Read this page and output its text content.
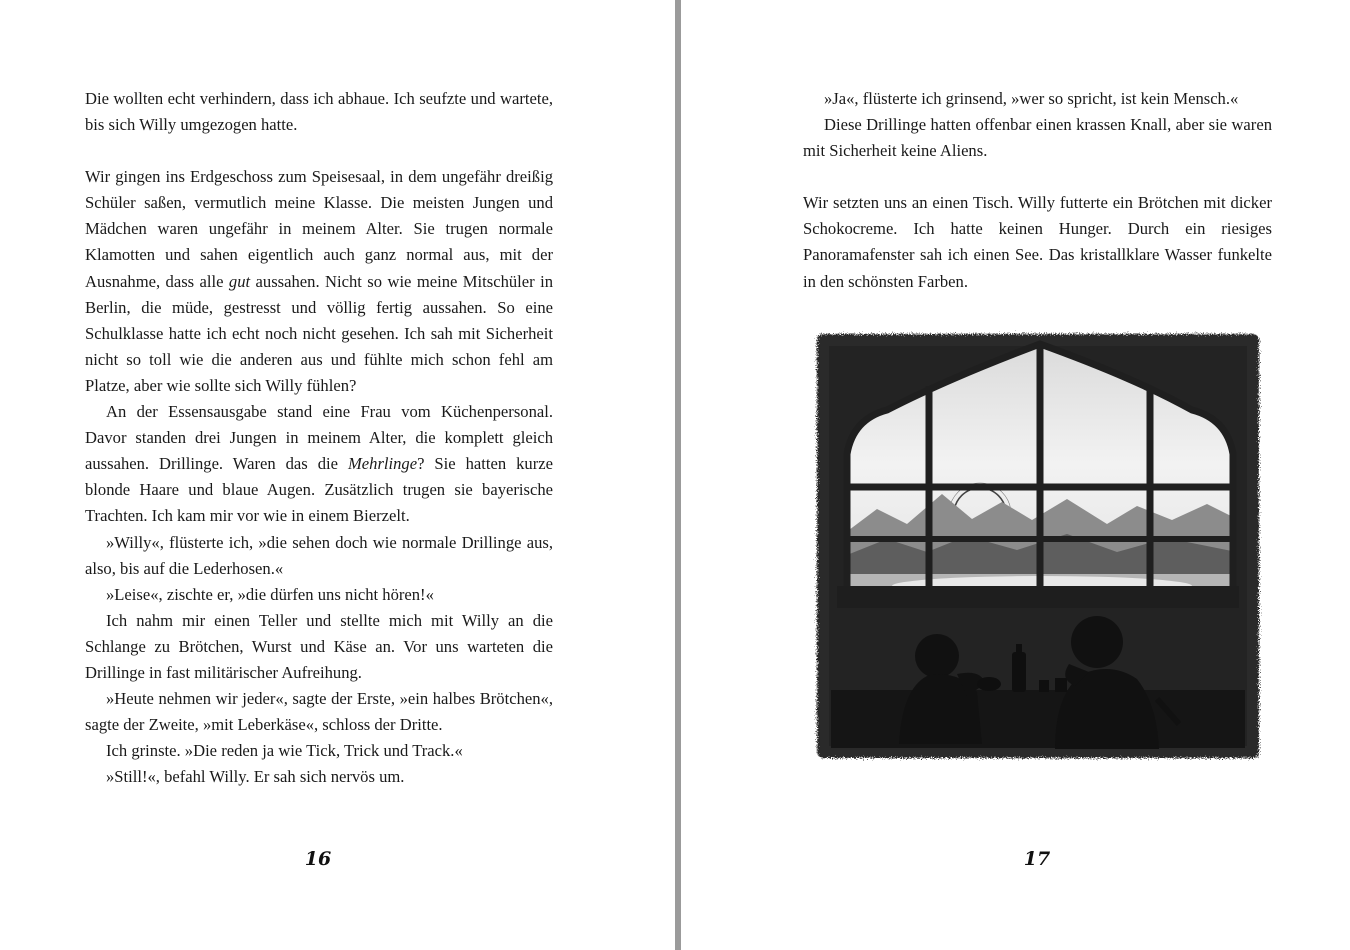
Die wollten echt verhindern, dass ich abhaue. Ich seufzte und wartete, bis sich Willy umgezogen hatte.

Wir gingen ins Erdgeschoss zum Speisesaal, in dem ungefähr dreißig Schüler saßen, vermutlich meine Klasse. Die meisten Jungen und Mädchen waren ungefähr in meinem Alter. Sie trugen normale Klamotten und sahen eigentlich auch ganz normal aus, mit der Ausnahme, dass alle gut aussahen. Nicht so wie meine Mitschüler in Berlin, die müde, gestresst und völlig fertig aussahen. So eine Schulklasse hatte ich echt noch nicht gesehen. Ich sah mit Sicherheit nicht so toll wie die anderen aus und fühlte mich schon fehl am Platze, aber wie sollte sich Willy fühlen?

An der Essensausgabe stand eine Frau vom Küchenpersonal. Davor standen drei Jungen in meinem Alter, die komplett gleich aussahen. Drillinge. Waren das die Mehrlinge? Sie hatten kurze blonde Haare und blaue Augen. Zusätzlich trugen sie bayerische Trachten. Ich kam mir vor wie in einem Bierzelt.

»Willy«, flüsterte ich, »die sehen doch wie normale Drillinge aus, also, bis auf die Lederhosen.«

»Leise«, zischte er, »die dürfen uns nicht hören!«

Ich nahm mir einen Teller und stellte mich mit Willy an die Schlange zu Brötchen, Wurst und Käse an. Vor uns warteten die Drillinge in fast militärischer Aufreihung.

»Heute nehmen wir jeder«, sagte der Erste, »ein halbes Brötchen«, sagte der Zweite, »mit Leberkäse«, schloss der Dritte.

Ich grinste. »Die reden ja wie Tick, Trick und Track.«

»Still!«, befahl Willy. Er sah sich nervös um.

16

»Ja«, flüsterte ich grinsend, »wer so spricht, ist kein Mensch.«

Diese Drillinge hatten offenbar einen krassen Knall, aber sie waren mit Sicherheit keine Aliens.

Wir setzten uns an einen Tisch. Willy futterte ein Brötchen mit dicker Schokocreme. Ich hatte keinen Hunger. Durch ein riesiges Panoramafenster sah ich einen See. Das kristallklare Wasser funkelte in den schönsten Farben.

17
